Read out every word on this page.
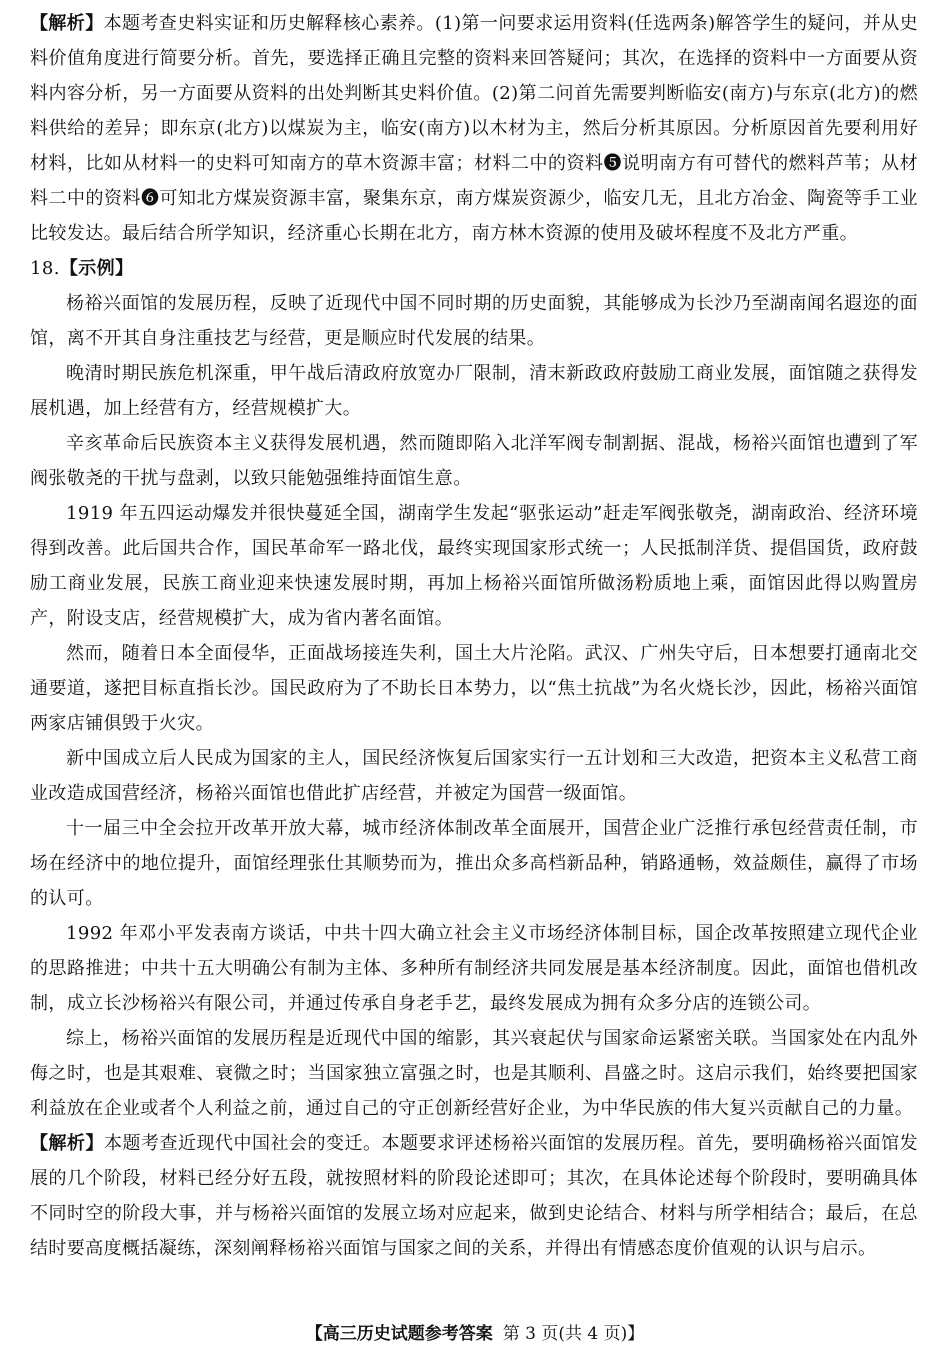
【解析】本题考查史料实证和历史解释核心素养。(1)第一问要求运用资料(任选两条)解答学生的疑问，并从史料价值角度进行简要分析。首先，要选择正确且完整的资料来回答疑问；其次，在选择的资料中一方面要从资料内容分析，另一方面要从资料的出处判断其史料价值。(2)第二问首先需要判断临安(南方)与东京(北方)的燃料供给的差异；即东京(北方)以煤炭为主，临安(南方)以木材为主，然后分析其原因。分析原因首先要利用好材料，比如从材料一的史料可知南方的草木资源丰富；材料二中的资料❺说明南方有可替代的燃料芦苇；从材料二中的资料❻可知北方煤炭资源丰富，聚集东京，南方煤炭资源少，临安几无，且北方冶金、陶瓷等手工业比较发达。最后结合所学知识，经济重心长期在北方，南方林木资源的使用及破坏程度不及北方严重。

18.【示例】

杨裕兴面馆的发展历程，反映了近现代中国不同时期的历史面貌，其能够成为长沙乃至湖南闻名遐迩的面馆，离不开其自身注重技艺与经营，更是顺应时代发展的结果。

晚清时期民族危机深重，甲午战后清政府放宽办厂限制，清末新政政府鼓励工商业发展，面馆随之获得发展机遇，加上经营有方，经营规模扩大。

辛亥革命后民族资本主义获得发展机遇，然而随即陷入北洋军阀专制割据、混战，杨裕兴面馆也遭到了军阀张敬尧的干扰与盘剥，以致只能勉强维持面馆生意。

1919 年五四运动爆发并很快蔓延全国，湖南学生发起“驱张运动”赶走军阀张敬尧，湖南政治、经济环境得到改善。此后国共合作，国民革命军一路北伐，最终实现国家形式统一；人民抵制洋货、提倡国货，政府鼓励工商业发展，民族工商业迎来快速发展时期，再加上杨裕兴面馆所做汤粉质地上乘，面馆因此得以购置房产，附设支店，经营规模扩大，成为省内著名面馆。

然而，随着日本全面侵华，正面战场接连失利，国土大片沦陷。武汉、广州失守后，日本想要打通南北交通要道，遂把目标直指长沙。国民政府为了不助长日本势力，以“焦土抗战”为名火烧长沙，因此，杨裕兴面馆两家店铺俱毁于火灾。

新中国成立后人民成为国家的主人，国民经济恢复后国家实行一五计划和三大改造，把资本主义私营工商业改造成国营经济，杨裕兴面馆也借此扩店经营，并被定为国营一级面馆。

十一届三中全会拉开改革开放大幕，城市经济体制改革全面展开，国营企业广泛推行承包经营责任制，市场在经济中的地位提升，面馆经理张仕其顺势而为，推出众多高档新品种，销路通畅，效益颇佳，赢得了市场的认可。

1992 年邓小平发表南方谈话，中共十四大确立社会主义市场经济体制目标，国企改革按照建立现代企业的思路推进；中共十五大明确公有制为主体、多种所有制经济共同发展是基本经济制度。因此，面馆也借机改制，成立长沙杨裕兴有限公司，并通过传承自身老手艺，最终发展成为拥有众多分店的连锁公司。

综上，杨裕兴面馆的发展历程是近现代中国的缩影，其兴衰起伏与国家命运紧密关联。当国家处在内乱外侮之时，也是其艰难、衰微之时；当国家独立富强之时，也是其顺利、昌盛之时。这启示我们，始终要把国家利益放在企业或者个人利益之前，通过自己的守正创新经营好企业，为中华民族的伟大复兴贡献自己的力量。

【解析】本题考查近现代中国社会的变迁。本题要求评述杨裕兴面馆的发展历程。首先，要明确杨裕兴面馆发展的几个阶段，材料已经分好五段，就按照材料的阶段论述即可；其次，在具体论述每个阶段时，要明确具体不同时空的阶段大事，并与杨裕兴面馆的发展立场对应起来，做到史论结合、材料与所学相结合；最后，在总结时要高度概括凝练，深刻阐释杨裕兴面馆与国家之间的关系，并得出有情感态度价值观的认识与启示。

【高三历史试题参考答案 第 3 页(共 4 页)】
